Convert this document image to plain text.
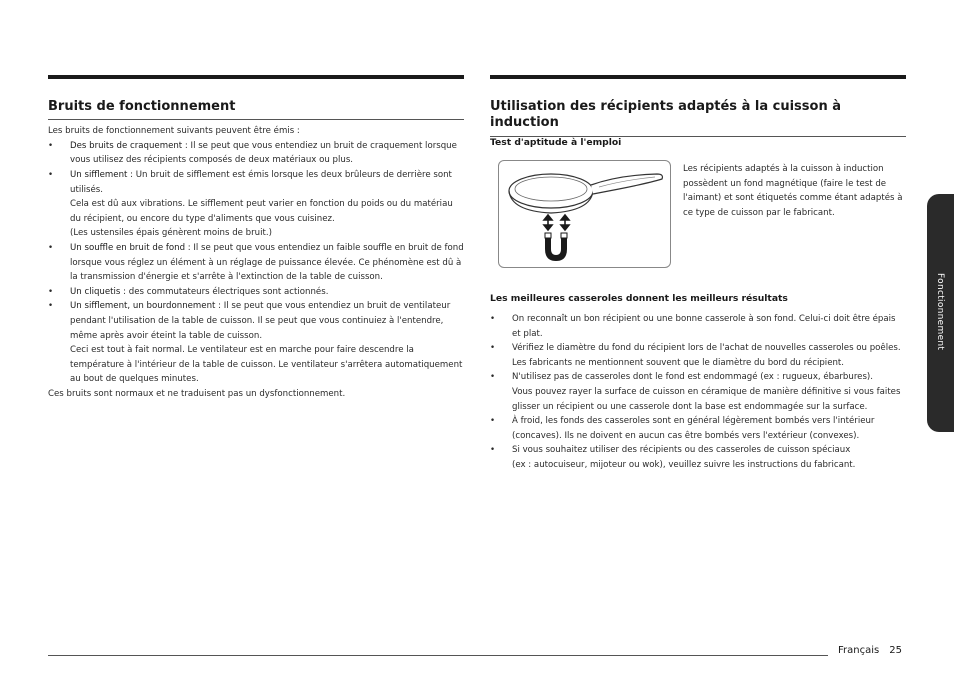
Bruits de fonctionnement
Les bruits de fonctionnement suivants peuvent être émis :
• Des bruits de craquement : Il se peut que vous entendiez un bruit de craquement lorsque vous utilisez des récipients composés de deux matériaux ou plus.
• Un sifflement : Un bruit de sifflement est émis lorsque les deux brûleurs de derrière sont utilisés.
Cela est dû aux vibrations. Le sifflement peut varier en fonction du poids ou du matériau du récipient, ou encore du type d'aliments que vous cuisinez.
(Les ustensiles épais génèrent moins de bruit.)
• Un souffle en bruit de fond : Il se peut que vous entendiez un faible souffle en bruit de fond lorsque vous réglez un élément à un réglage de puissance élevée. Ce phénomène est dû à la transmission d'énergie et s'arrête à l'extinction de la table de cuisson.
• Un cliquetis : des commutateurs électriques sont actionnés.
• Un sifflement, un bourdonnement : Il se peut que vous entendiez un bruit de ventilateur pendant l'utilisation de la table de cuisson. Il se peut que vous continuiez à l'entendre, même après avoir éteint la table de cuisson.
Ceci est tout à fait normal. Le ventilateur est en marche pour faire descendre la température à l'intérieur de la table de cuisson. Le ventilateur s'arrêtera automatiquement au bout de quelques minutes.
Ces bruits sont normaux et ne traduisent pas un dysfonctionnement.
Utilisation des récipients adaptés à la cuisson à induction
Test d'aptitude à l'emploi
Les récipients adaptés à la cuisson à induction possèdent un fond magnétique (faire le test de l'aimant) et sont étiquetés comme étant adaptés à ce type de cuisson par le fabricant.
Les meilleures casseroles donnent les meilleurs résultats
• On reconnaît un bon récipient ou une bonne casserole à son fond. Celui-ci doit être épais et plat.
• Vérifiez le diamètre du fond du récipient lors de l'achat de nouvelles casseroles ou poêles. Les fabricants ne mentionnent souvent que le diamètre du bord du récipient.
• N'utilisez pas de casseroles dont le fond est endommagé (ex : rugueux, ébarbures).
Vous pouvez rayer la surface de cuisson en céramique de manière définitive si vous faites glisser un récipient ou une casserole dont la base est endommagée sur la surface.
• À froid, les fonds des casseroles sont en général légèrement bombés vers l'intérieur (concaves). Ils ne doivent en aucun cas être bombés vers l'extérieur (convexes).
• Si vous souhaitez utiliser des récipients ou des casseroles de cuisson spéciaux
(ex : autocuiseur, mijoteur ou wok), veuillez suivre les instructions du fabricant.
Fonctionnement
Français 25
